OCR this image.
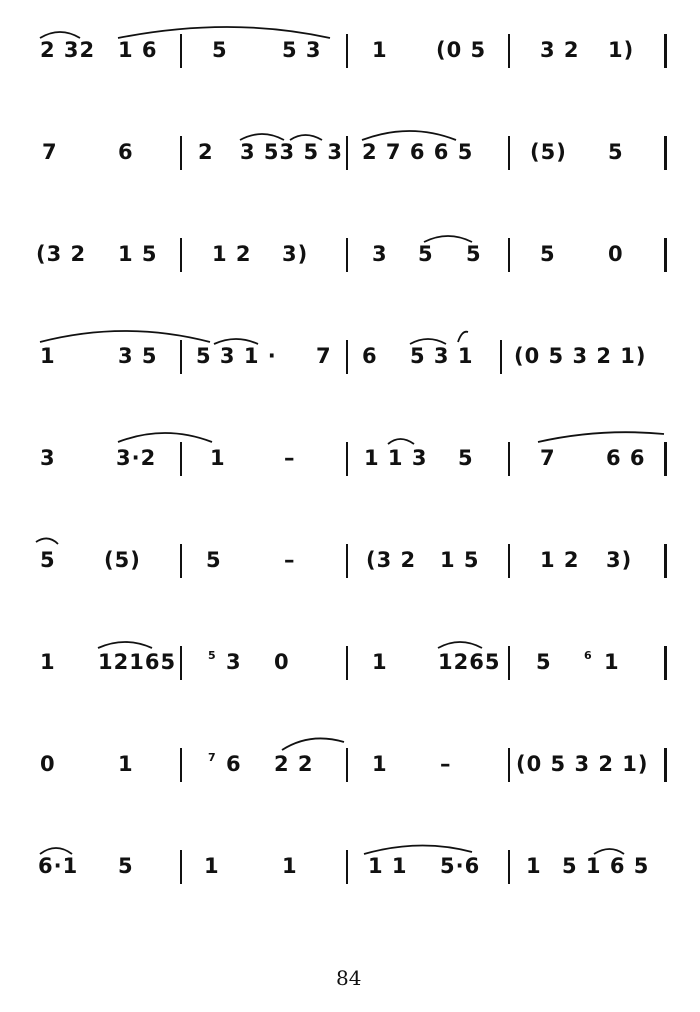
2 32 1 6	5	5 3 1 (0 5	3 2 1)
7	6	2 3 53 5 3 2 7 6 6 5	(5) 5
(3 2 1 5	1 2 3)	3 5 5	5 0
1	3 5 5 3 1 · 7 6 5 3 1 (0 5 3 2 1)
3	3·2	1	–	1 1 3 5	7 6 6
5 (5)	5	–	(3 2 1 5	1 2 3)
1 12165	5 3 0	1 1265 5	6 1
0	1	7 6 2 2	1 –	(0 5 3 2 1)
6·1 5	1	1	1 1 5·6 1 5 1 6 5
84
